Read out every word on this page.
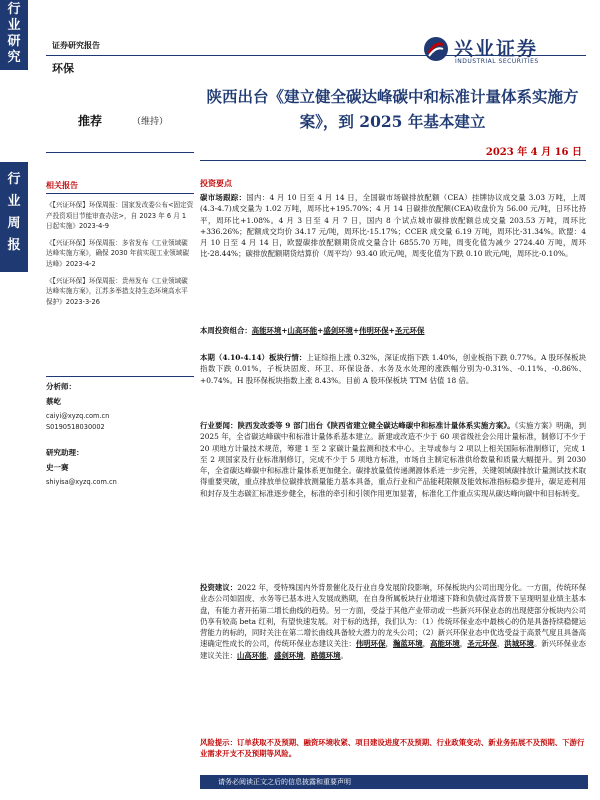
行
业
研
究
行
业
周
报
证券研究报告
环保
兴业证券
INDUSTRIAL SECURITIES
推荐	（维持）
陕西出台《建立健全碳达峰碳中和标准计量体系实施方案》，到 2025 年基本建立
2023 年 4 月 16 日
相关报告
《【兴证环保】环保周报：国家发改委公布<固定资产投资项目节能审查办法>，自 2023 年 6 月 1 日起实施》2023-4-9
《【兴证环保】环保周报：多省发布《工业领域碳达峰实施方案》，确保 2030 年前实现工业领域碳达峰》2023-4-2
《【兴证环保】环保周报：贵州发布《工业领域碳达峰实施方案》，江苏多举措支持生态环境高水平保护》2023-3-26
分析师：
蔡屹
caiyi@xyzq.com.cn
S0190518030002
研究助理：
史一赛
shiyisa@xyzq.com.cn
投资要点
碳市场跟踪：国内：4 月 10 日至 4 月 14 日，全国碳市场碳排放配额（CEA）挂牌协议成交量 3.03 万吨，上周(4.3-4.7)成交量为 1.02 万吨，周环比+195.70%；4 月 14 日碳排放配额(CEA)收盘价为 56.00 元/吨，日环比持平，周环比+1.08%。4 月 3 日至 4 月 7 日，国内 8 个试点城市碳排放配额总成交量 203.53 万吨，周环比+336.26%；配额成交均价 34.17 元/吨，周环比-15.17%；CCER 成交量 6.19 万吨，周环比-31.34%。欧盟：4 月 10 日至 4 月 14 日，欧盟碳排放配额期货成交量合计 6855.70 万吨，周变化值为减少 2724.40 万吨，周环比-28.44%；碳排放配额期货结算价（周平均）93.40 欧元/吨，周变化值为下跌 0.10 欧元/吨，周环比-0.10%。
本周投资组合：高能环境+山高环能+盛剑环境+伟明环保+圣元环保
本期（4.10-4.14）板块行情：上证综指上涨 0.32%，深证成指下跌 1.40%，创业板指下跌 0.77%。A 股环保板块指数下跌 0.01%，子板块固废、环卫、环保设备、水务及水处理的涨跌幅分别为-0.31%、-0.11%、-0.86%、+0.74%。H 股环保板块指数上涨 8.43%。目前 A 股环保板块 TTM 估值 18 倍。
行业要闻：陕西发改委等 9 部门出台《陕西省建立健全碳达峰碳中和标准计量体系实施方案》。《实施方案》明确，到 2025 年，全省碳达峰碳中和标准计量体系基本建立。新建或改造不少于 60 项省级社会公用计量标准，制修订不少于 20 项地方计量技术规范，筹建 1 至 2 家碳计量监测和技术中心。主导或参与 2 项以上相关国际标准制修订，完成 1 至 2 项国家及行业标准制修订，完成不少于 5 项地方标准，市场自主制定标准供给数量和质量大幅提升。到 2030 年，全省碳达峰碳中和标准计量体系更加健全。碳排放量值传递溯源体系进一步完善，关键领域碳排放计量测试技术取得重要突破，重点排放单位碳排放测量能力基本具备，重点行业和产品能耗限额及能效标准指标稳步提升，碳足迹利用和封存及生态碳汇标准逐步健全，标准的牵引和引领作用更加显著，标准化工作重点实现从碳达峰向碳中和目标转变。
投资建议：2022 年，受特殊国内外背景催化及行业自身发展阶段影响，环保板块内公司出现分化。一方面，传统环保业态公司如固废、水务等已基本进入发展成熟期，在自身所属板块行业增速下降和负债过高背景下呈现明显业绩主基本盘，有能力者开拓第二增长曲线的趋势。另一方面，受益于其他产业带动或一些新兴环保业态的出现使部分板块内公司仍享有较高 beta 红利，有望快速发展。对于标的选择，我们认为：（1）传统环保业态中最核心的仍是具备持续稳健运营能力的标的，同时关注在第二增长曲线具备较大潜力的龙头公司；（2）新兴环保业态中优选受益于高景气度且具备高速确定性成长的公司，传统环保业态建议关注：伟明环保，瀚蓝环境，高能环境，圣元环保，洪城环境。新兴环保业态建议关注：山高环能，盛剑环境，路德环境。
风险提示：订单获取不及预期、融资环境收紧、项目建设进度不及预期、行业政策变动、新业务拓展不及预期、下游行业需求开支不及预期等风险。
请务必阅读正文之后的信息披露和重要声明
